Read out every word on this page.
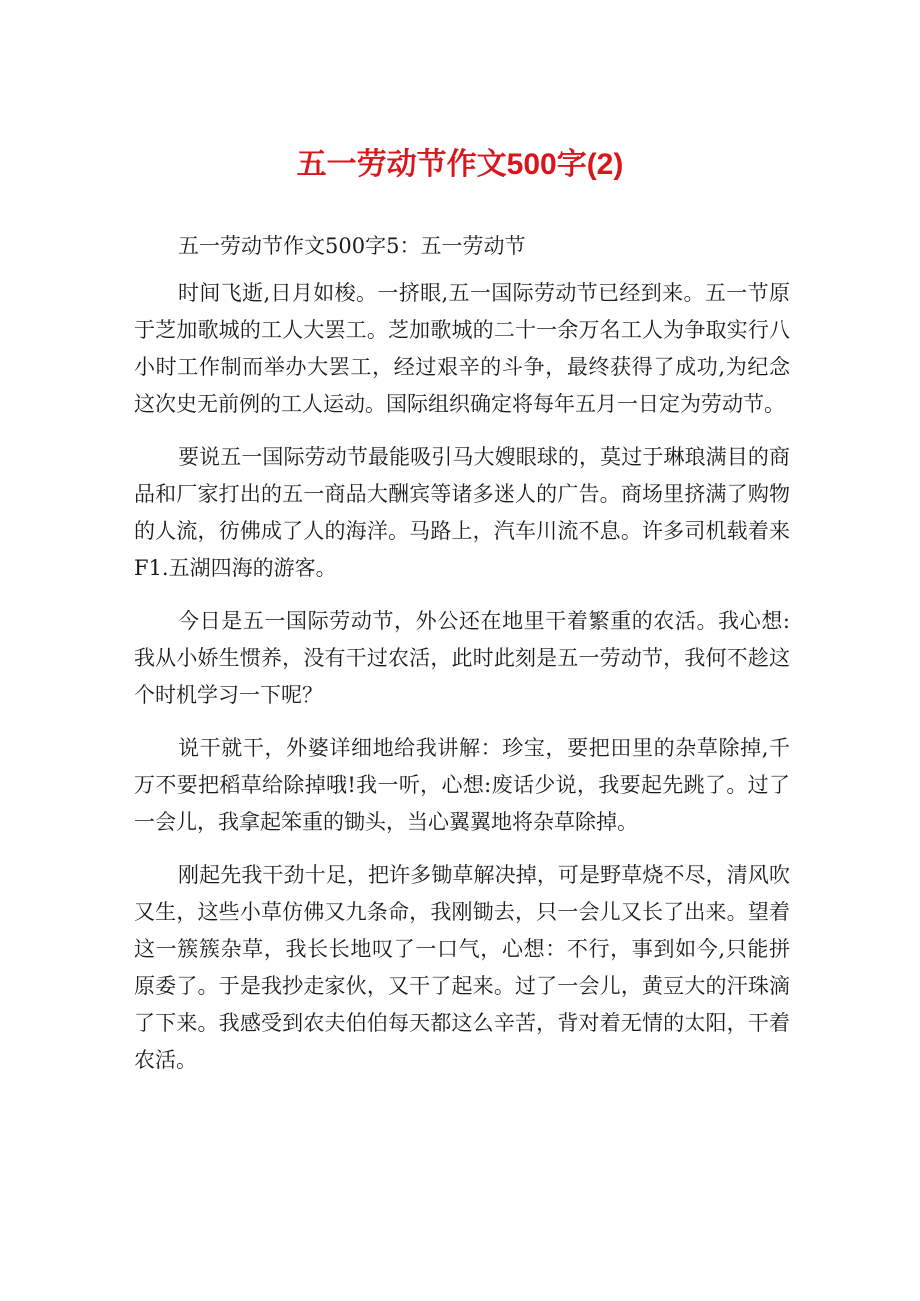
五一劳动节作文500字(2)

五一劳动节作文500字5：五一劳动节

时间飞逝,日月如梭。一挤眼,五一国际劳动节已经到来。五一节原于芝加歌城的工人大罢工。芝加歌城的二十一余万名工人为争取实行八小时工作制而举办大罢工，经过艰辛的斗争，最终获得了成功,为纪念这次史无前例的工人运动。国际组织确定将每年五月一日定为劳动节。

要说五一国际劳动节最能吸引马大嫂眼球的，莫过于琳琅满目的商品和厂家打出的五一商品大酬宾等诸多迷人的广告。商场里挤满了购物的人流，彷佛成了人的海洋。马路上，汽车川流不息。许多司机载着来F1.五湖四海的游客。

今日是五一国际劳动节，外公还在地里干着繁重的农活。我心想:我从小娇生惯养，没有干过农活，此时此刻是五一劳动节，我何不趁这个时机学习一下呢？

说干就干，外婆详细地给我讲解：珍宝，要把田里的杂草除掉,千万不要把稻草给除掉哦!我一听，心想:废话少说，我要起先跳了。过了一会儿，我拿起笨重的锄头，当心翼翼地将杂草除掉。

刚起先我干劲十足，把许多锄草解决掉，可是野草烧不尽，清风吹又生，这些小草仿佛又九条命，我刚锄去，只一会儿又长了出来。望着这一簇簇杂草，我长长地叹了一口气，心想：不行，事到如今,只能拼原委了。于是我抄走家伙，又干了起来。过了一会儿，黄豆大的汗珠滴了下来。我感受到农夫伯伯每天都这么辛苦，背对着无情的太阳，干着农活。
